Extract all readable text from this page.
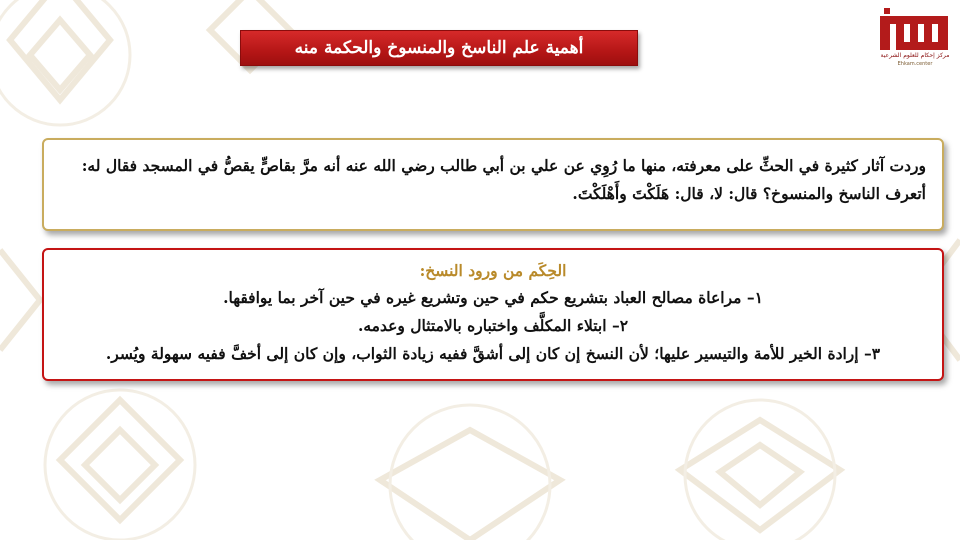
أهمية علم الناسخ والمنسوخ والحكمة منه	مركز إحكام للعلوم الشرعية
Ehkam.center

وردت آثار كثيرة في الحثِّ على معرفته، منها ما رُوِي عن علي بن أبي طالب رضي الله عنه أنه مرَّ بقاصٍّ يقصُّ في المسجد فقال له: أتعرف الناسخ والمنسوخ؟ قال: لا، قال: هَلَكْتَ وأَهْلَكْتَ.

الحِكَم من ورود النسخ:
١– مراعاة مصالح العباد بتشريع حكم في حين وتشريع غيره في حين آخر بما يوافقها.
٢– ابتلاء المكلَّف واختباره بالامتثال وعدمه.
٣– إرادة الخير للأمة والتيسير عليها؛ لأن النسخ إن كان إلى أشقَّ ففيه زيادة الثواب، وإن كان إلى أخفَّ ففيه سهولة ويُسر.
